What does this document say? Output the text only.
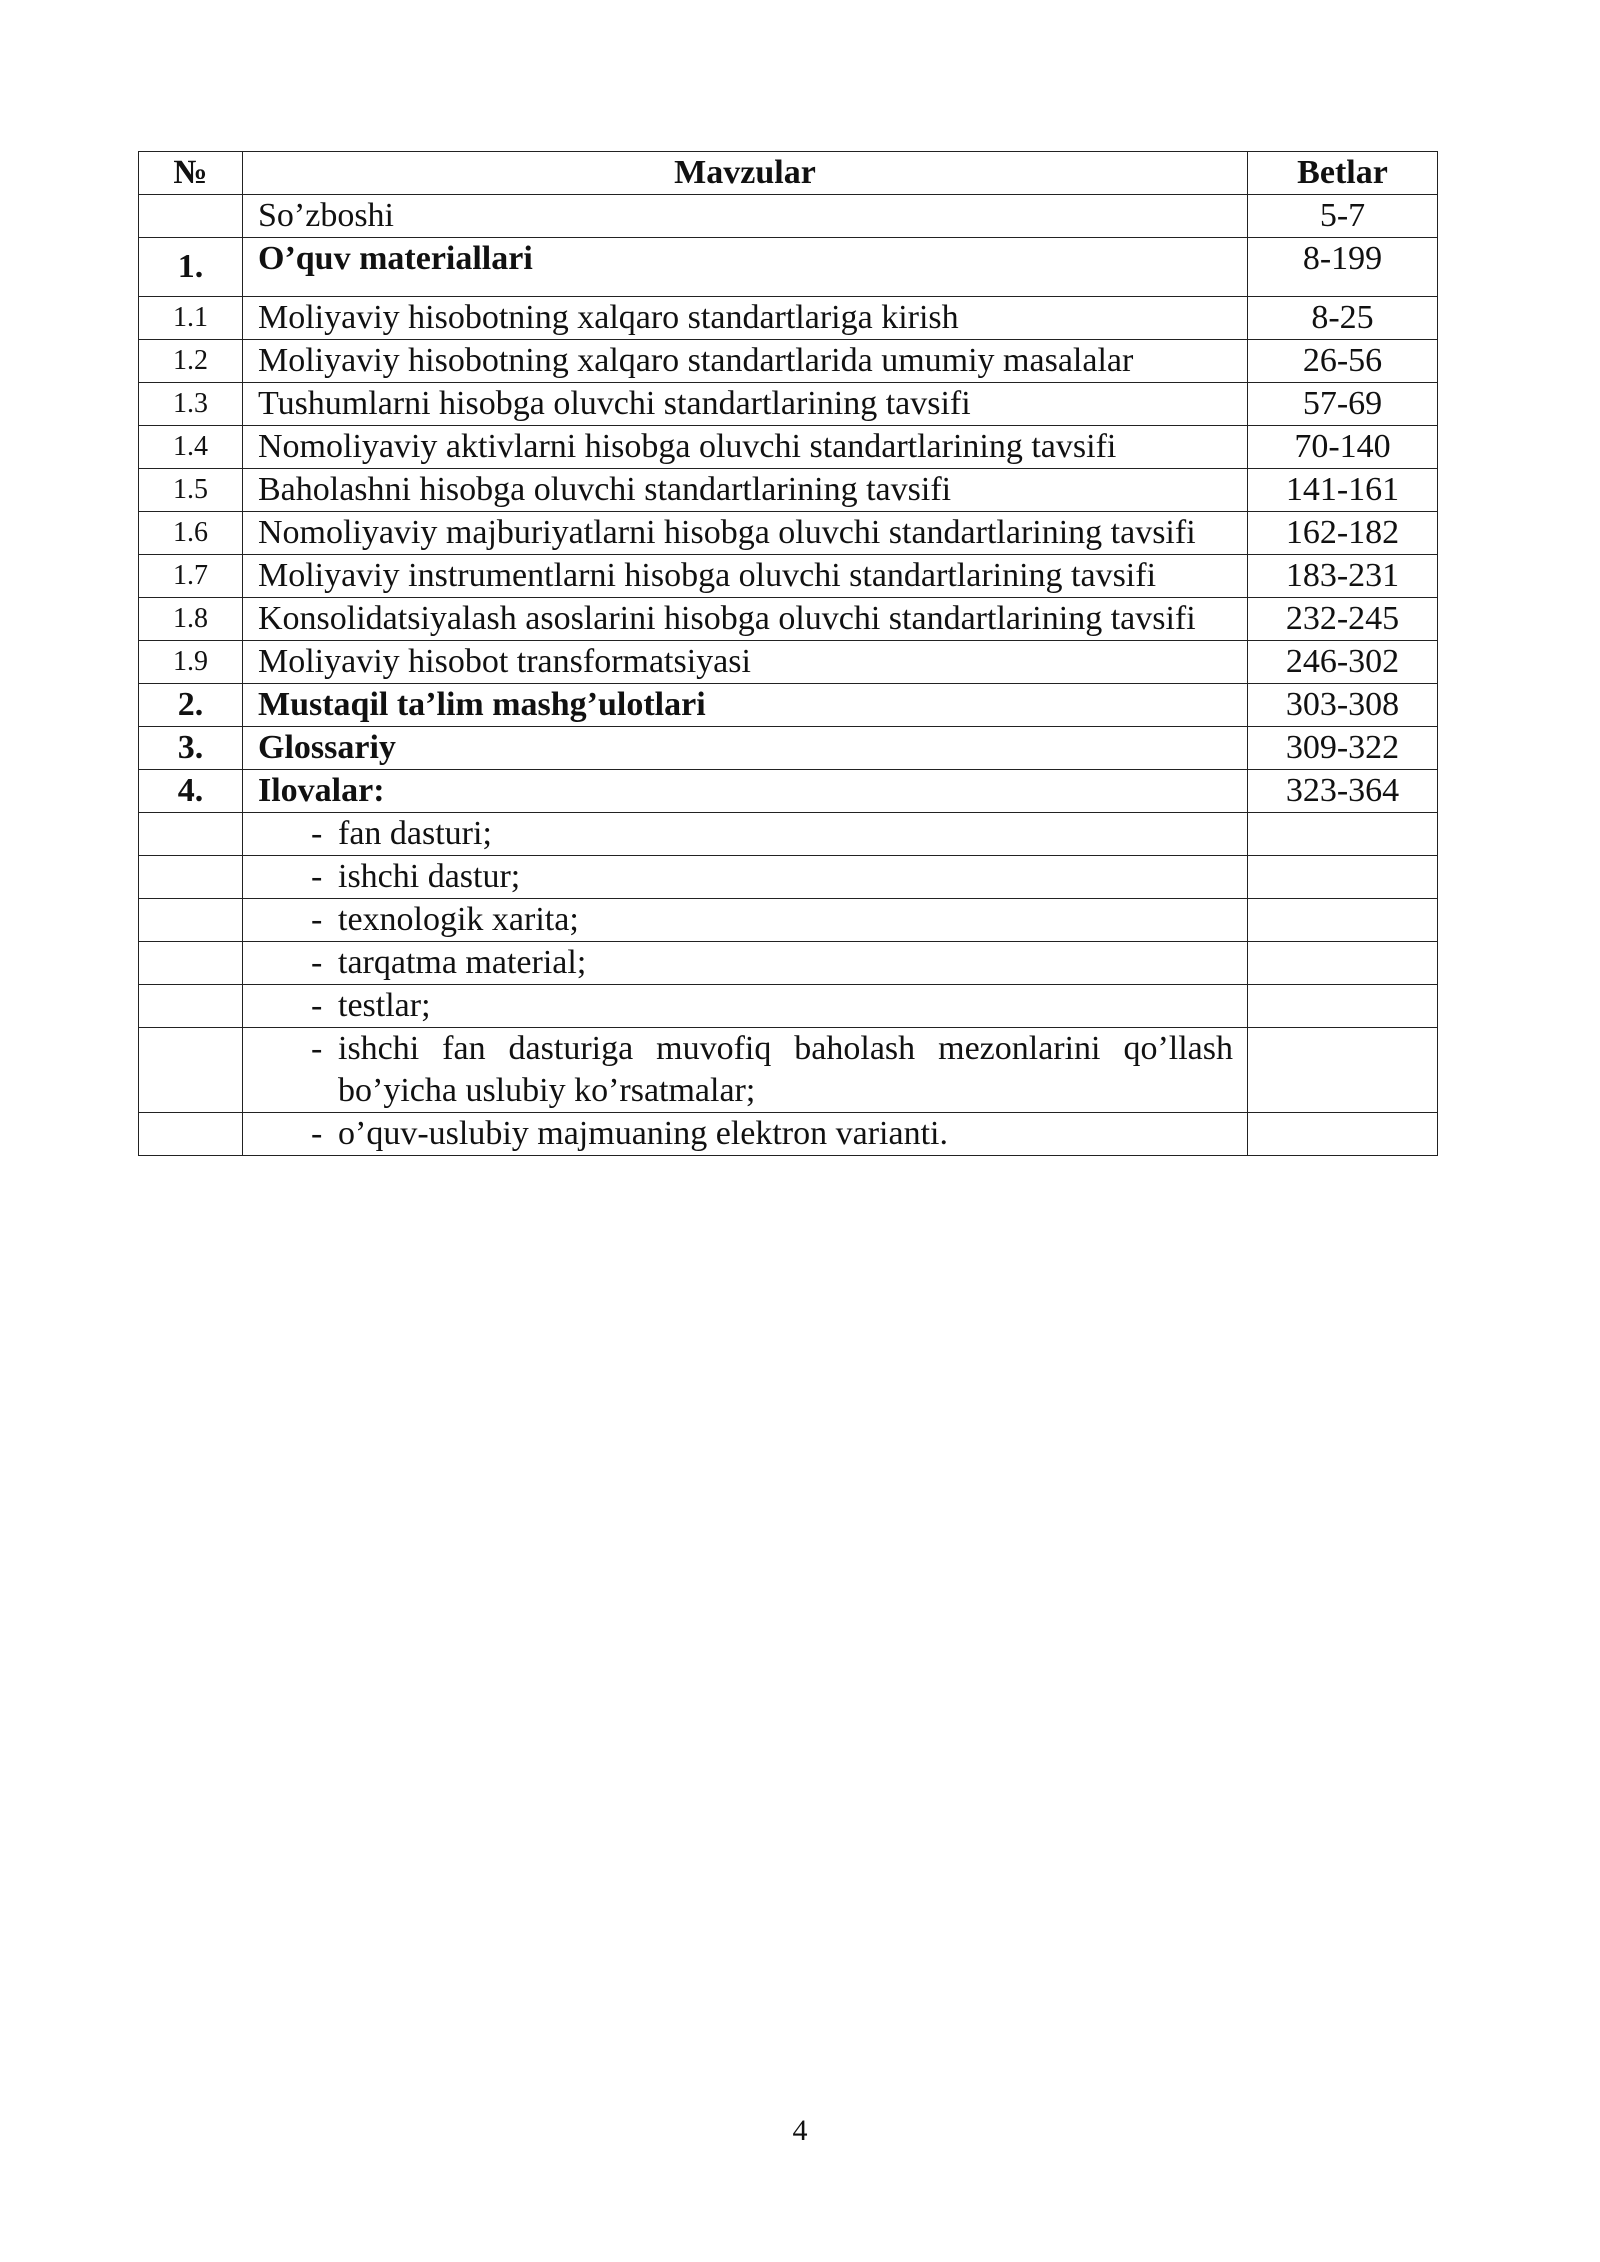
№	Mavzular	Betlar
	So’zboshi	5-7
1.	O’quv materiallari	8-199
1.1	Moliyaviy hisobotning xalqaro standartlariga kirish	8-25
1.2	Moliyaviy hisobotning xalqaro standartlarida umumiy masalalar	26-56
1.3	Tushumlarni hisobga oluvchi standartlarining tavsifi	57-69
1.4	Nomoliyaviy aktivlarni hisobga oluvchi standartlarining tavsifi	70-140
1.5	Baholashni hisobga oluvchi standartlarining tavsifi	141-161
1.6	Nomoliyaviy majburiyatlarni hisobga oluvchi standartlarining tavsifi	162-182
1.7	Moliyaviy instrumentlarni hisobga oluvchi standartlarining tavsifi	183-231
1.8	Konsolidatsiyalash asoslarini hisobga oluvchi standartlarining tavsifi	232-245
1.9	Moliyaviy hisobot transformatsiyasi	246-302
2.	Mustaqil ta’lim mashg’ulotlari	303-308
3.	Glossariy	309-322
4.	Ilovalar:	323-364

	- fan dasturi;	

	- ishchi dastur;	

	- texnologik xarita;	

	- tarqatma material;	

	- testlar;	

	- ishchi fan dasturiga muvofiq baholash mezonlarini qo’llash bo’yicha uslubiy ko’rsatmalar;	

	- o’quv-uslubiy majmuaning elektron varianti.	
4
